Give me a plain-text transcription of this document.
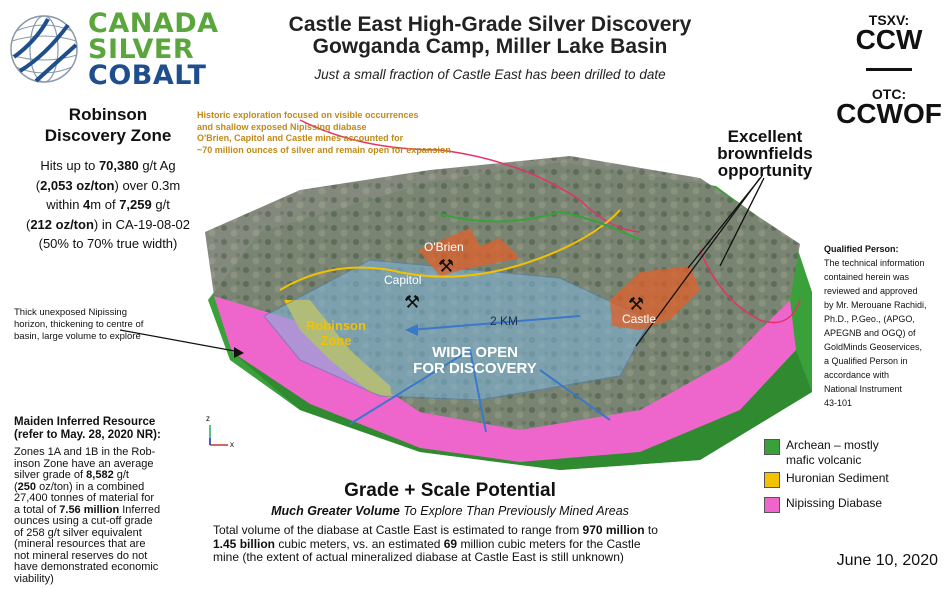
CANADA
SILVER
COBALT
Castle East High-Grade Silver Discovery
Gowganda Camp, Miller Lake Basin
Just a small fraction of Castle East has been drilled to date
TSXV:
CCW
OTC:
CCWOF
Robinson
Discovery Zone
Hits up to 70,380 g/t Ag
(2,053 oz/ton) over 0.3m
within 4m of 7,259 g/t
(212 oz/ton) in CA-19-08-02
(50% to 70% true width)
⚒
⚒	⚒
O'Brien
Capitol
Castle
Robinson
Zone
2 KM
WIDE OPEN
FOR DISCOVERY
x
z
Historic exploration focused on visible occurrences
and shallow exposed Nipissing diabase
O'Brien, Capitol and Castle mines accounted for
~70 million ounces of silver and remain open for expansion
Excellent
brownfields
opportunity
Thick unexposed Nipissing
horizon, thickening to centre of
basin, large volume to explore
Qualified Person:
The technical information
contained herein was
reviewed and approved
by Mr. Merouane Rachidi,
Ph.D., P.Geo., (APGO,
APEGNB and OGQ) of
GoldMinds Geoservices,
a Qualified Person in
accordance with
National Instrument
43-101
Maiden Inferred Resource
(refer to May. 28, 2020 NR):
Zones 1A and 1B in the Rob-
inson Zone have an average
silver grade of 8,582 g/t
(250 oz/ton) in a combined
27,400 tonnes of material for
a total of 7.56 million Inferred
ounces using a cut-off grade
of 258 g/t silver equivalent
(mineral resources that are
not mineral reserves do not
have demonstrated economic
viability)
Archean – mostly
mafic volcanic
Huronian Sediment
Nipissing Diabase
Grade + Scale Potential
Much Greater Volume To Explore Than Previously Mined Areas
Total volume of the diabase at Castle East is estimated to range from 970 million to
1.45 billion cubic meters, vs. an estimated 69 million cubic meters for the Castle
mine (the extent of actual mineralized diabase at Castle East is still unknown)	June 10, 2020
